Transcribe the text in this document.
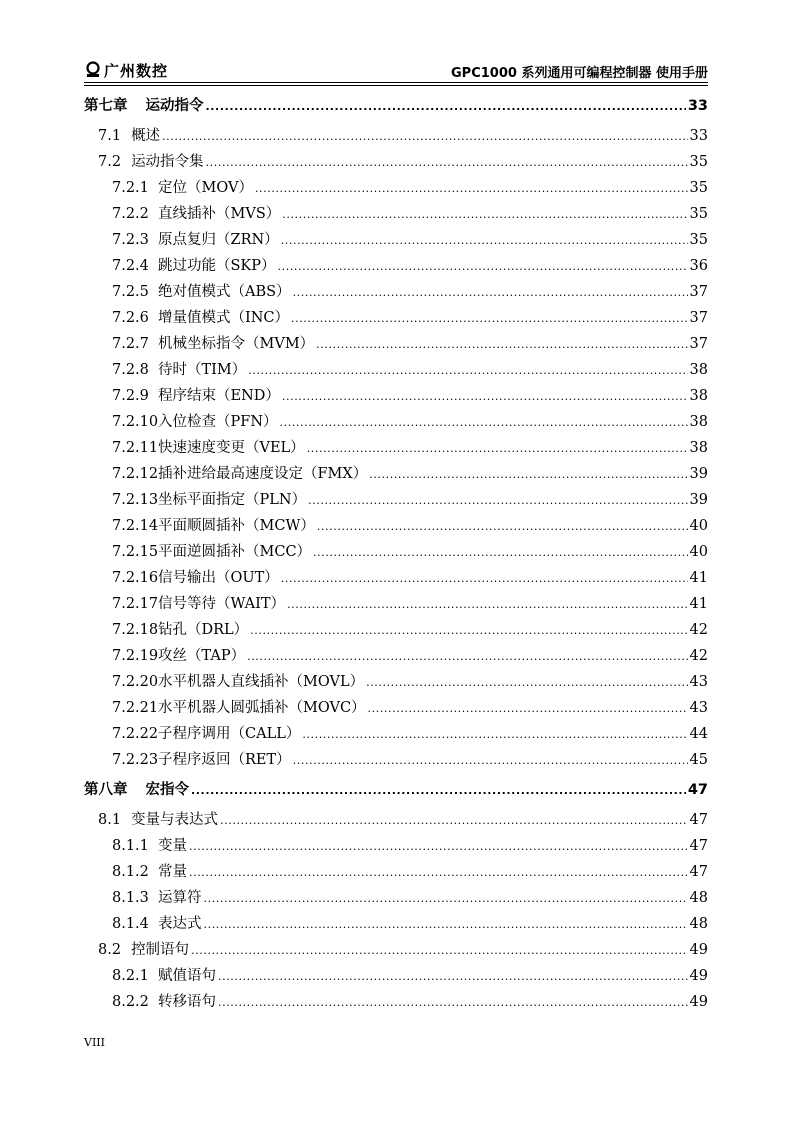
广州数控	GPC1000 系列通用可编程控制器 使用手册
第七章 运动指令 .....	33
7.1 概述 .....	33
7.2 运动指令集 .....	35
7.2.1 定位（MOV） .....	35
7.2.2 直线插补（MVS） .....	35
7.2.3 原点复归（ZRN） .....	35
7.2.4 跳过功能（SKP） .....	36
7.2.5 绝对值模式（ABS） .....	37
7.2.6 增量值模式（INC） .....	37
7.2.7 机械坐标指令（MVM） .....	37
7.2.8 待时（TIM） .....	38
7.2.9 程序结束（END） .....	38
7.2.10 入位检查（PFN） .....	38
7.2.11 快速速度变更（VEL） .....	38
7.2.12 插补进给最高速度设定（FMX） .....	39
7.2.13 坐标平面指定（PLN） .....	39
7.2.14 平面顺圆插补（MCW） .....	40
7.2.15 平面逆圆插补（MCC） .....	40
7.2.16 信号输出（OUT） .....	41
7.2.17 信号等待（WAIT） .....	41
7.2.18 钻孔（DRL） .....	42
7.2.19 攻丝（TAP） .....	42
7.2.20 水平机器人直线插补（MOVL） .....	43
7.2.21 水平机器人圆弧插补（MOVC） .....	43
7.2.22 子程序调用（CALL） .....	44
7.2.23 子程序返回（RET） .....	45
第八章 宏指令 .....	47
8.1 变量与表达式 .....	47
8.1.1 变量 .....	47
8.1.2 常量 .....	47
8.1.3 运算符 .....	48
8.1.4 表达式 .....	48
8.2 控制语句 .....	49
8.2.1 赋值语句 .....	49
8.2.2 转移语句 .....	49
VIII
